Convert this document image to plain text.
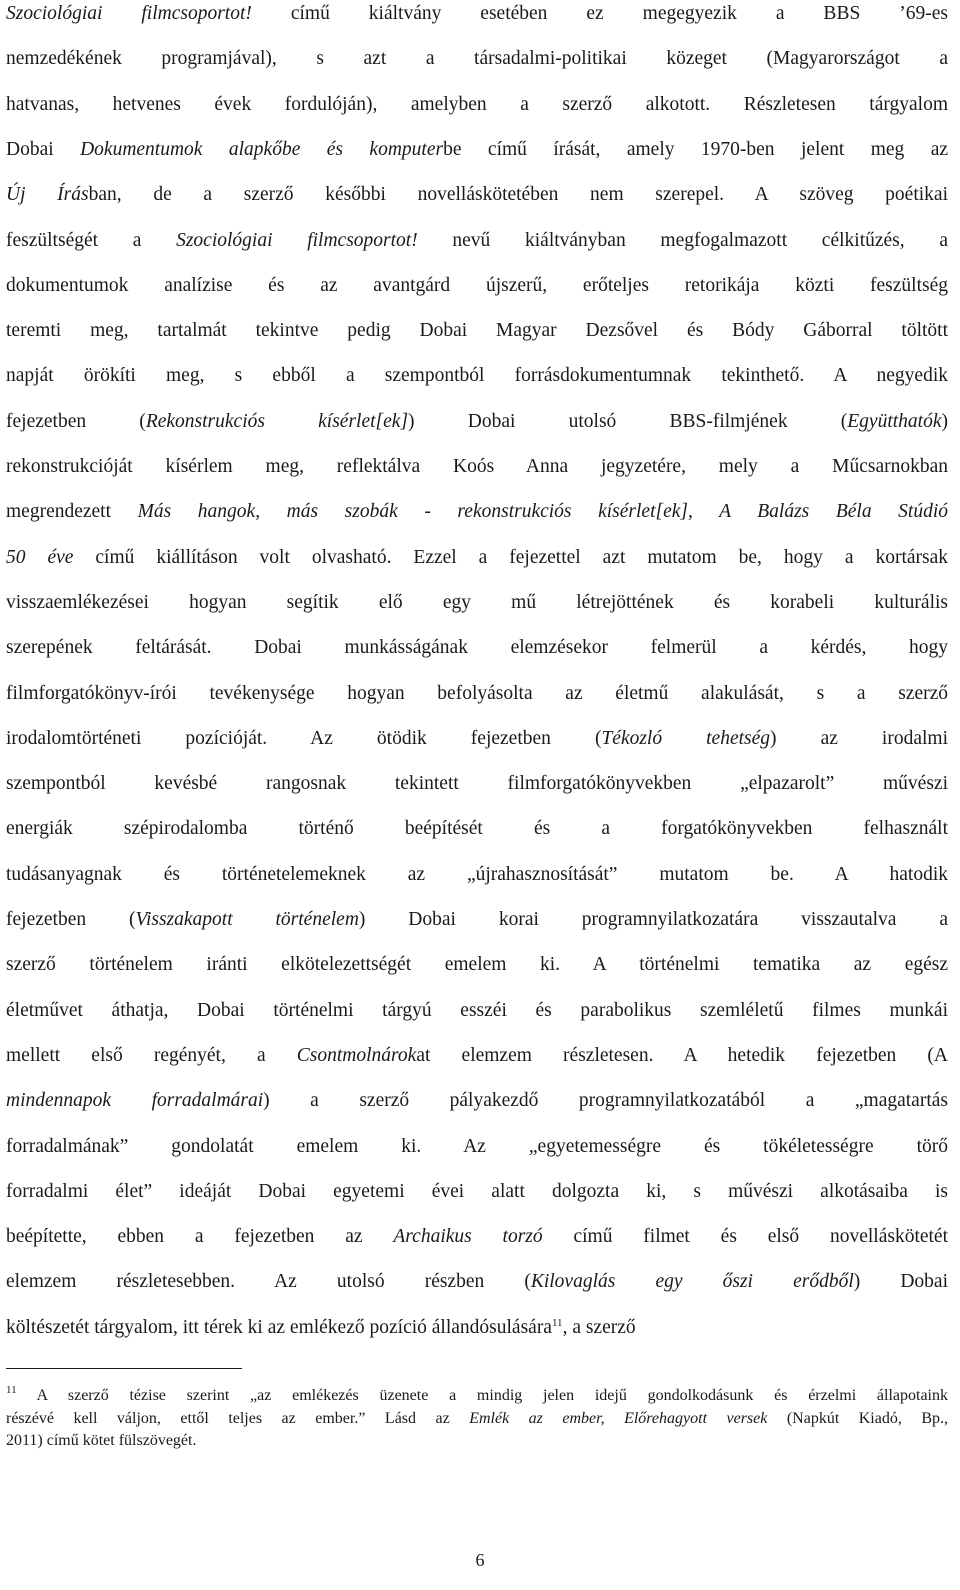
Szociológiai filmcsoportot! című kiáltvány esetében ez megegyezik a BBS ’69-es
nemzedékének programjával), s azt a társadalmi-politikai közeget (Magyarországot a
hatvanas, hetvenes évek fordulóján), amelyben a szerző alkotott. Részletesen tárgyalom
Dobai Dokumentumok alapkőbe és komputerbe című írását, amely 1970-ben jelent meg az
Új Írásban, de a szerző későbbi novelláskötetében nem szerepel. A szöveg poétikai
feszültségét a Szociológiai filmcsoportot! nevű kiáltványban megfogalmazott célkitűzés, a
dokumentumok analízise és az avantgárd újszerű, erőteljes retorikája közti feszültség
teremti meg, tartalmát tekintve pedig Dobai Magyar Dezsővel és Bódy Gáborral töltött
napját örökíti meg, s ebből a szempontból forrásdokumentumnak tekinthető. A negyedik
fejezetben (Rekonstrukciós kísérlet[ek]) Dobai utolsó BBS-filmjének (Együtthatók)
rekonstrukcióját kísérlem meg, reflektálva Koós Anna jegyzetére, mely a Műcsarnokban
megrendezett Más hangok, más szobák - rekonstrukciós kísérlet[ek], A Balázs Béla Stúdió
50 éve című kiállításon volt olvasható. Ezzel a fejezettel azt mutatom be, hogy a kortársak
visszaemlékezései hogyan segítik elő egy mű létrejöttének és korabeli kulturális
szerepének feltárását. Dobai munkásságának elemzésekor felmerül a kérdés, hogy
filmforgatókönyv-írói tevékenysége hogyan befolyásolta az életmű alakulását, s a szerző
irodalomtörténeti pozícióját. Az ötödik fejezetben (Tékozló tehetség) az irodalmi
szempontból kevésbé rangosnak tekintett filmforgatókönyvekben „elpazarolt” művészi
energiák szépirodalomba történő beépítését és a forgatókönyvekben felhasznált
tudásanyagnak és történetelemeknek az „újrahasznosítását” mutatom be. A hatodik
fejezetben (Visszakapott történelem) Dobai korai programnyilatkozatára visszautalva a
szerző történelem iránti elkötelezettségét emelem ki. A történelmi tematika az egész
életművet áthatja, Dobai történelmi tárgyú esszéi és parabolikus szemléletű filmes munkái
mellett első regényét, a Csontmolnárokat elemzem részletesen. A hetedik fejezetben (A
mindennapok forradalmárai) a szerző pályakezdő programnyilatkozatából a „magatartás
forradalmának” gondolatát emelem ki. Az „egyetemességre és tökéletességre törő
forradalmi élet” ideáját Dobai egyetemi évei alatt dolgozta ki, s művészi alkotásaiba is
beépítette, ebben a fejezetben az Archaikus torzó című filmet és első novelláskötetét
elemzem részletesebben. Az utolsó részben (Kilovaglás egy őszi erődből) Dobai
költészetét tárgyalom, itt térek ki az emlékező pozíció állandósulására$^{11}$, a szerző
$^{11}$ A szerző tézise szerint „az emlékezés üzenete a mindig jelen idejű gondolkodásunk és érzelmi állapotaink
részévé kell váljon, ettől teljes az ember.” Lásd az Emlék az ember, Előrehagyott versek (Napkút Kiadó, Bp.,
2011) című kötet fülszövegét.
6
